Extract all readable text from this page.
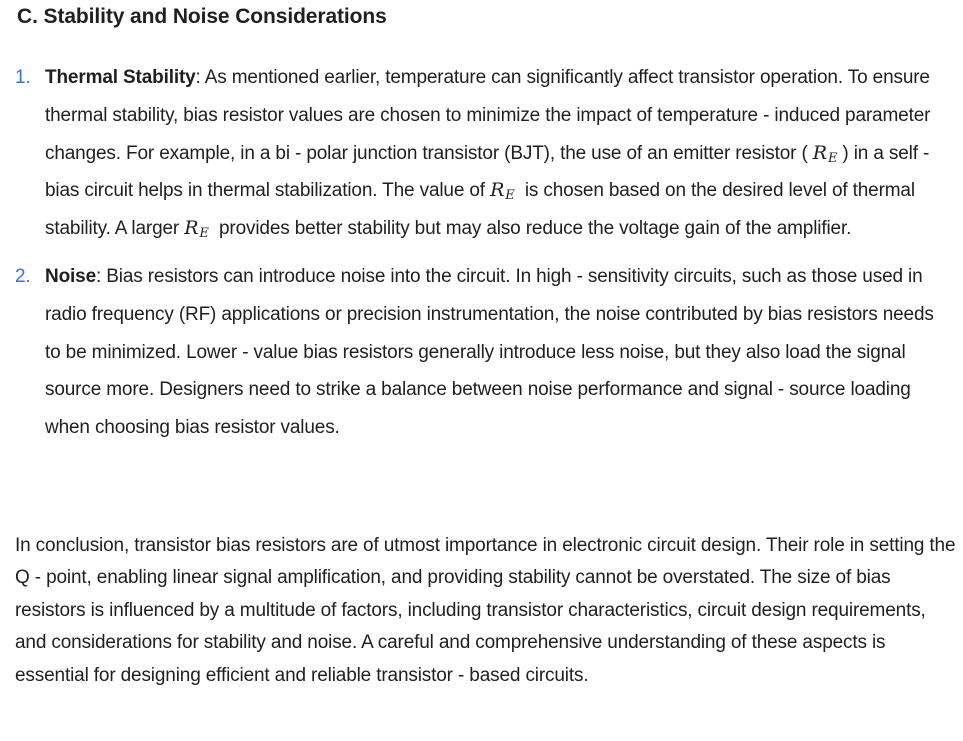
C. Stability and Noise Considerations
1. Thermal Stability: As mentioned earlier, temperature can significantly affect transistor operation. To ensure thermal stability, bias resistor values are chosen to minimize the impact of temperature - induced parameter changes. For example, in a bi - polar junction transistor (BJT), the use of an emitter resistor ( $R_E$ ) in a self - bias circuit helps in thermal stabilization. The value of $R_E$  is chosen based on the desired level of thermal stability. A larger $R_E$  provides better stability but may also reduce the voltage gain of the amplifier.
2. Noise: Bias resistors can introduce noise into the circuit. In high - sensitivity circuits, such as those used in radio frequency (RF) applications or precision instrumentation, the noise contributed by bias resistors needs to be minimized. Lower - value bias resistors generally introduce less noise, but they also load the signal source more. Designers need to strike a balance between noise performance and signal - source loading when choosing bias resistor values.

In conclusion, transistor bias resistors are of utmost importance in electronic circuit design. Their role in setting the Q - point, enabling linear signal amplification, and providing stability cannot be overstated. The size of bias resistors is influenced by a multitude of factors, including transistor characteristics, circuit design requirements, and considerations for stability and noise. A careful and comprehensive understanding of these aspects is essential for designing efficient and reliable transistor - based circuits.
